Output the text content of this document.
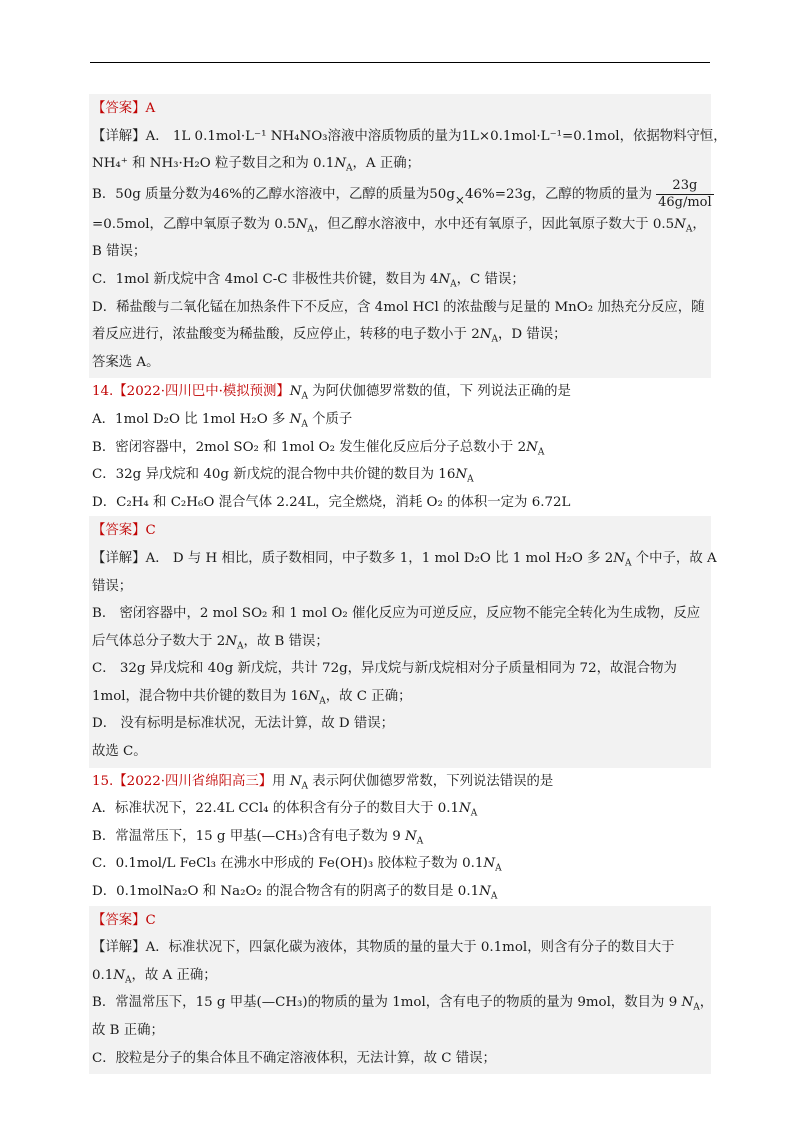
【答案】A
【详解】A． 1L 0.1mol·L⁻¹ NH₄NO₃溶液中溶质物质的量为1L×0.1mol·L⁻¹=0.1mol，依据物料守恒，
NH₄⁺ 和 NH₃·H₂O 粒子数目之和为 $0.1N_A$，A 正确；
B．50g 质量分数为46%的乙醇水溶液中，乙醇的质量为50g×46%=23g，乙醇的物质的量为 $\frac{23g}{\text{46g/mol}}$
=0.5mol，乙醇中氧原子数为 $0.5N_A$，但乙醇水溶液中，水中还有氧原子，因此氧原子数大于 $0.5N_A$，
B 错误；
C．1mol 新戊烷中含 4mol C-C 非极性共价键，数目为 $4N_A$，C 错误；
D．稀盐酸与二氧化锰在加热条件下不反应，含 4mol HCl 的浓盐酸与足量的 MnO₂ 加热充分反应，随
着反应进行，浓盐酸变为稀盐酸，反应停止，转移的电子数小于 $2N_A$，D 错误；
答案选 A。
14.【2022·四川巴中·模拟预测】$N_A$ 为阿伏伽德罗常数的值，下 列说法正确的是
A．1mol D₂O 比 1mol H₂O 多 $N_A$ 个质子
B．密闭容器中，2mol SO₂ 和 1mol O₂ 发生催化反应后分子总数小于 $2N_A$
C．32g 异戊烷和 40g 新戊烷的混合物中共价键的数目为 $16N_A$
D．C₂H₄ 和 C₂H₆O 混合气体 2.24L，完全燃烧，消耗 O₂ 的体积一定为 6.72L
【答案】C
【详解】A． D 与 H 相比，质子数相同，中子数多 1，1 mol D₂O 比 1 mol H₂O 多 $2N_A$ 个中子，故 A
错误；
B． 密闭容器中，2 mol SO₂ 和 1 mol O₂ 催化反应为可逆反应，反应物不能完全转化为生成物，反应
后气体总分子数大于 $2N_A$，故 B 错误；
C． 32g 异戊烷和 40g 新戊烷，共计 72g，异戊烷与新戊烷相对分子质量相同为 72，故混合物为
1mol，混合物中共价键的数目为 $16N_A$，故 C 正确；
D． 没有标明是标准状况，无法计算，故 D 错误；
故选 C。
15.【2022·四川省绵阳高三】用 $N_A$ 表示阿伏伽德罗常数，下列说法错误的是
A．标准状况下，22.4L CCl₄ 的体积含有分子的数目大于 $0.1N_A$
B．常温常压下，15 g 甲基(—CH₃)含有电子数为 9 $N_A$
C．0.1mol/L FeCl₃ 在沸水中形成的 Fe(OH)₃ 胶体粒子数为 $0.1N_A$
D．0.1molNa₂O 和 Na₂O₂ 的混合物含有的阴离子的数目是 $0.1N_A$
【答案】C
【详解】A．标准状况下，四氯化碳为液体，其物质的量的量大于 0.1mol，则含有分子的数目大于
$0.1N_A$，故 A 正确；
B．常温常压下，15 g 甲基(—CH₃)的物质的量为 1mol，含有电子的物质的量为 9mol，数目为 9 $N_A$，
故 B 正确；
C．胶粒是分子的集合体且不确定溶液体积，无法计算，故 C 错误；
